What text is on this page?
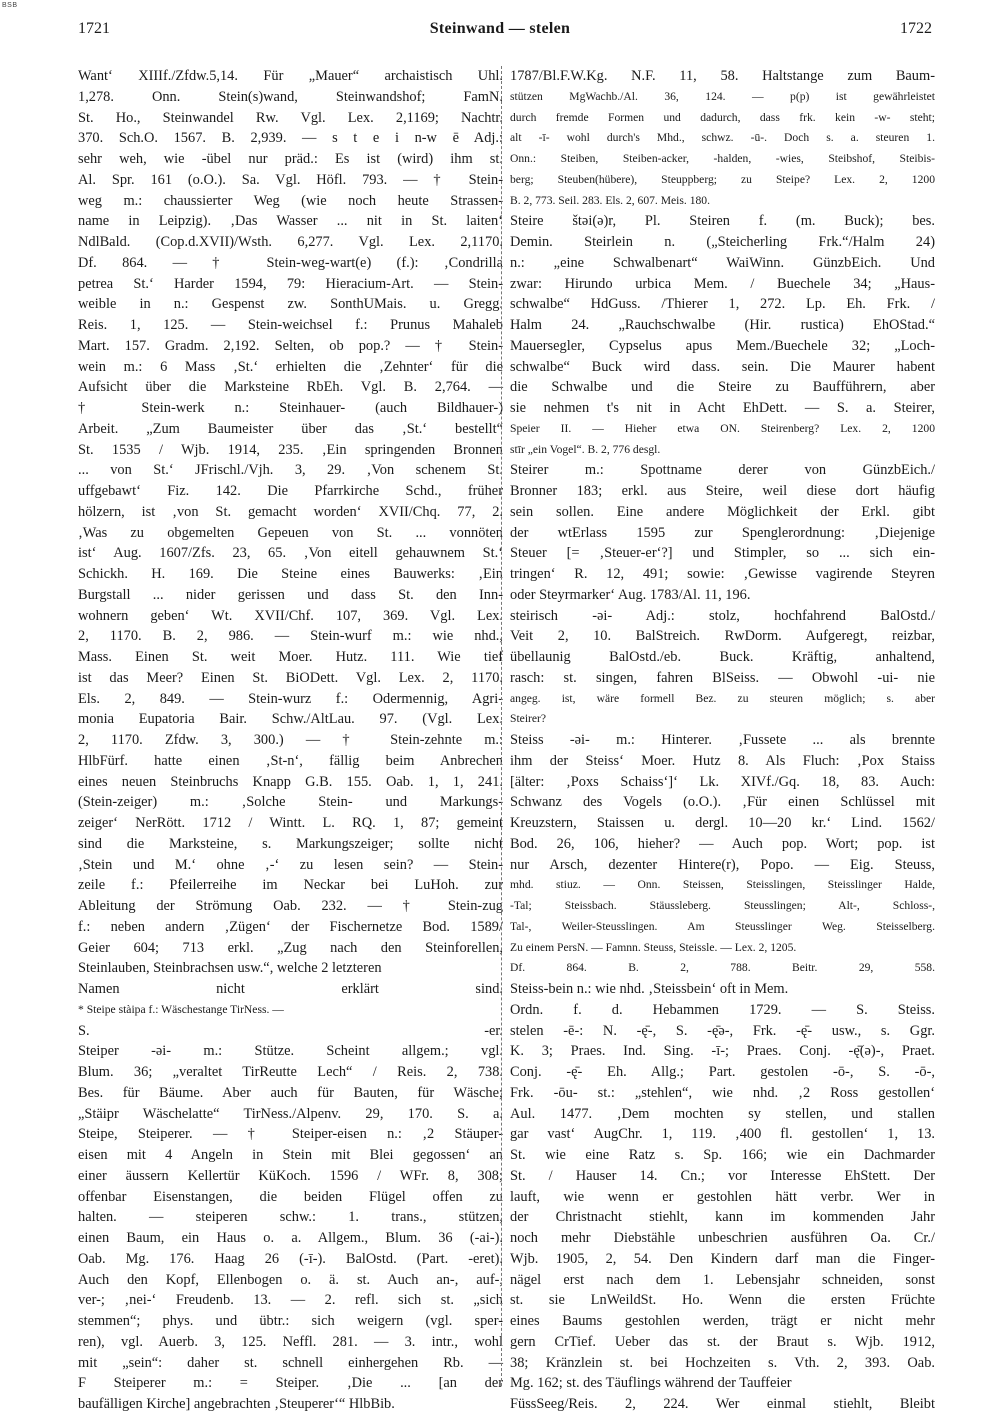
BSB
1721	Steinwand — stelen	1722
Want‘ XIIIf./Zfdw.5,14. Für „Mauer“ archaistisch Uhl.
1,278. Onn. Stein(s)wand, Steinwandshof; FamN.
St. Ho., Steinwandel Rw. Vgl. Lex. 2,1169; Nachtr.
370. Sch.O. 1567. B. 2,939. — s t e i n-w ē Adj.:
sehr weh, wie -übel nur präd.: Es ist (wird) ihm st.
Al. Spr. 161 (o.O.). Sa. Vgl. Höfl. 793. — † Stein-
weg m.: chaussierter Weg (wie noch heute Strassen-
name in Leipzig). ‚Das Wasser ... nit in St. laiten‘
NdlBald. (Cop.d.XVII)/Wsth. 6,277. Vgl. Lex. 2,1170.
Df. 864. — † Stein-weg-wart(e) (f.): ‚Condrilla
petrea St.‘ Harder 1594, 79: Hieracium-Art. — Stein-
weible in n.: Gespenst zw. SonthUMais. u. Gregg.
Reis. 1, 125. — Stein-weichsel f.: Prunus Mahaleb
Mart. 157. Gradm. 2,192. Selten, ob pop.? — † Stein-
wein m.: 6 Mass ‚St.‘ erhielten die ‚Zehnter‘ für die
Aufsicht über die Marksteine RbEh. Vgl. B. 2,764. —
† Stein-werk n.: Steinhauer- (auch Bildhauer-)
Arbeit. „Zum Baumeister über das ‚St.‘ bestellt“
St. 1535 / Wjb. 1914, 235. ‚Ein springenden Bronnen
... von St.‘ JFrischl./Vjh. 3, 29. ‚Von schenem St.
uffgebawt‘ Fiz. 142. Die Pfarrkirche Schd., früher
hölzern, ist ‚von St. gemacht worden‘ XVII/Chq. 77, 2.
‚Was zu obgemelten Gepeuen von St. ... vonnöten
ist‘ Aug. 1607/Zfs. 23, 65. ‚Von eitell gehauwnem St.‘
Schickh. H. 169. Die Steine eines Bauwerks: ‚Ein
Burgstall ... nider gerissen und dass St. den Inn-
wohnern geben‘ Wt. XVII/Chf. 107, 369. Vgl. Lex.
2, 1170. B. 2, 986. — Stein-wurf m.: wie nhd.,
Mass. Einen St. weit Moer. Hutz. 111. Wie tief
ist das Meer? Einen St. BiODett. Vgl. Lex. 2, 1170.
Els. 2, 849. — Stein-wurz f.: Odermennig, Agri-
monia Eupatoria Bair. Schw./AltLau. 97. (Vgl. Lex.
2, 1170. Zfdw. 3, 300.) — † Stein-zehnte m.:
HlbFürf. hatte einen ‚St-n‘, fällig beim Anbrechen
eines neuen Steinbruchs Knapp G.B. 155. Oab. 1, 1, 241.
(Stein-zeiger) m.: ‚Solche Stein- und Markungs-
zeiger‘ NerRött. 1712 / Wintt. L. RQ. 1, 87; gemeint
sind die Marksteine, s. Markungszeiger; sollte nicht
‚Stein und M.‘ ohne ‚-‘ zu lesen sein? — Stein-
zeile f.: Pfeilerreihe im Neckar bei LuHoh. zur
Ableitung der Strömung Oab. 232. — † Stein-zug
f.: neben andern ‚Zügen‘ der Fischernetze Bod. 1589/
Geier 604; 713 erkl. „Zug nach den Steinforellen,
Steinlauben, Steinbrachsen usw.“, welche 2 letzteren
Namen nicht erklärt sind.
* Steipe stàipa f.: Wäschestange TirNess. —
S. -er.
Steiper -əi- m.: Stütze. Scheint allgem.; vgl.
Blum. 36; „veraltet TirReutte Lech“ / Reis. 2, 738.
Bes. für Bäume. Aber auch für Bauten, für Wäsche;
„Stäipr Wäschelatte“ TirNess./Alpenv. 29, 170. S. a.
Steipe, Steiperer. — † Steiper-eisen n.: ‚2 Stäuper-
eisen mit 4 Angeln in Stein mit Blei gegossen‘ an
einer äussern Kellertür KüKoch. 1596 / WFr. 8, 308;
offenbar Eisenstangen, die beiden Flügel offen zu
halten. — steiperen schw.: 1. trans., stützen,
einen Baum, ein Haus o. a. Allgem., Blum. 36 (-ai-).
Oab. Mg. 176. Haag 26 (-ī-). BalOstd. (Part. -eret).
Auch den Kopf, Ellenbogen o. ä. st. Auch an-, auf-,
ver-; ‚nei-‘ Freudenb. 13. — 2. refl. sich st. „sich
stemmen“; phys. und übtr.: sich weigern (vgl. sper-
ren), vgl. Auerb. 3, 125. Neffl. 281. — 3. intr., wohl
mit „sein“: daher st. schnell einhergehen Rb. —
F Steiperer m.: = Steiper. ‚Die ... [an der
baufälligen Kirche] angebrachten ‚Steuperer‘“ HlbBib.
1787/Bl.F.W.Kg. N.F. 11, 58. Haltstange zum Baum-
stützen MgWachb./Al. 36, 124. — p(p) ist gewährleistet
durch fremde Formen und dadurch, dass frk. kein -w- steht;
alt -ī- wohl durch's Mhd., schwz. -ū-. Doch s. a. steuren 1.
Onn.: Steiben, Steiben-acker, -halden, -wies, Steibshof, Steibis-
berg; Steuben(hübere), Steuppberg; zu Steipe? Lex. 2, 1200
B. 2, 773. Seil. 283. Els. 2, 607. Meis. 180.
Steire štəi(ə)r, Pl. Steiren f. (m. Buck); bes.
Demin. Steirlein n. („Steicherling Frk.“/Halm 24)
n.: „eine Schwalbenart“ WaiWinn. GünzbEich. Und
zwar: Hirundo urbica Mem. / Buechele 34; „Haus-
schwalbe“ HdGuss. /Thierer 1, 272. Lp. Eh. Frk. /
Halm 24. „Rauchschwalbe (Hir. rustica) EhOStad.“
Mauersegler, Cypselus apus Mem./Buechele 32; „Loch-
schwalbe“ Buck wird dass. sein. Die Maurer habent
die Schwalbe und die Steire zu Baufführern, aber
sie nehmen t's nit in Acht EhDett. — S. a. Steirer,
Speier II. — Hieher etwa ON. Steirenberg? Lex. 2, 1200
stīr „ein Vogel“. B. 2, 776 desgl.
Steirer m.: Spottname derer von GünzbEich./
Bronner 183; erkl. aus Steire, weil diese dort häufig
sein sollen. Eine andere Möglichkeit der Erkl. gibt
der wtErlass 1595 zur Spenglerordnung: ‚Diejenige
Steuer [= ‚Steuer-er‘?] und Stimpler, so ... sich ein-
tringen‘ R. 12, 491; sowie: ‚Gewisse vagirende Steyren
oder Steyrmarker‘ Aug. 1783/Al. 11, 196.
steirisch -əi- Adj.: stolz, hochfahrend BalOstd./
Veit 2, 10. BalStreich. RwDorm. Aufgeregt, reizbar,
übellaunig BalOstd./eb. Buck. Kräftig, anhaltend,
rasch: st. singen, fahren BlSeiss. — Obwohl -ui- nie
angeg. ist, wäre formell Bez. zu steuren möglich; s. aber
Steirer?
Steiss -əi- m.: Hinterer. ‚Fussete ... als brennte
ihm der Steiss‘ Moer. Hutz 8. Als Fluch: ‚Pox Staiss
[älter: ‚Poxs Schaiss‘]‘ Lk. XIVf./Gq. 18, 83. Auch:
Schwanz des Vogels (o.O.). ‚Für einen Schlüssel mit
Kreuzstern, Staissen u. dergl. 10—20 kr.‘ Lind. 1562/
Bod. 26, 106, hieher? — Auch pop. Wort; pop. ist
nur Arsch, dezenter Hintere(r), Popo. — Eig. Steuss,
mhd. stiuz. — Onn. Steissen, Steisslingen, Steisslinger Halde,
-Tal; Steissbach. Stäussleberg. Steusslingen; Alt-, Schloss-,
Tal-, Weiler-Steusslingen. Am Steusslinger Weg. Steisselberg.
Zu einem PersN. — Famnn. Steuss, Steissle. — Lex. 2, 1205.
Df. 864. B. 2, 788. Beitr. 29, 558.
Steiss-bein n.: wie nhd. ‚Steissbein‘ oft in Mem.
Ordn. f. d. Hebammen 1729. — S. Steiss.
stelen -ē-: N. -ę̄-, S. -ę̄ə-, Frk. -ę̄- usw., s. Ggr.
K. 3; Praes. Ind. Sing. -ī-; Praes. Conj. -ę̄(ə)-, Praet.
Conj. -ę̄- Eh. Allg.; Part. gestolen -ō-, S. -ō-,
Frk. -ōu- st.: „stehlen“, wie nhd. ‚2 Ross gestollen‘
Aul. 1477. ‚Dem mochten sy stellen, und stallen
gar vast‘ AugChr. 1, 119. ‚400 fl. gestollen‘ 1, 13.
St. wie eine Ratz s. Sp. 166; wie ein Dachmarder
St. / Hauser 14. Cn.; vor Interesse EhStett. Der
lauft, wie wenn er gestohlen hätt verbr. Wer in
der Christnacht stiehlt, kann im kommenden Jahr
noch mehr Diebstähle unbeschrien ausführen Oa. Cr./
Wjb. 1905, 2, 54. Den Kindern darf man die Finger-
nägel erst nach dem 1. Lebensjahr schneiden, sonst
st. sie LnWeildSt. Ho. Wenn die ersten Früchte
eines Baums gestohlen werden, trägt er nicht mehr
gern CrTief. Ueber das st. der Braut s. Wjb. 1912,
38; Kränzlein st. bei Hochzeiten s. Vth. 2, 393. Oab.
Mg. 162; st. des Täuflings während der Tauffeier
FüssSeeg/Reis. 2, 224. Wer einmal stiehlt, Bleibt
